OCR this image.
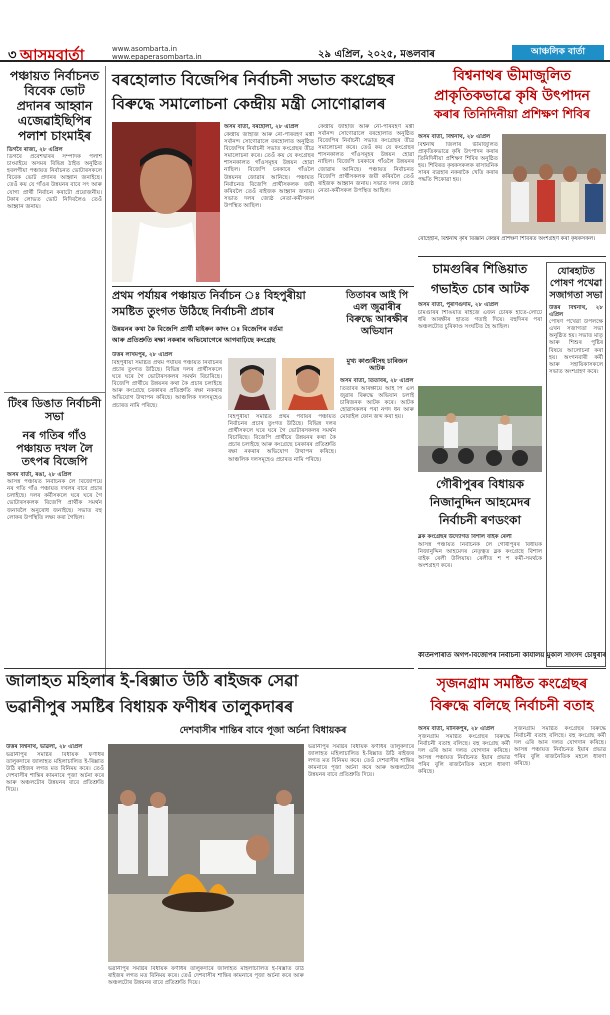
৩ আসমবার্তা	www.asombarta.in
www.epaperasombarta.in	২৯ এপ্ৰিল, ২০২৫, মঙলবাৰ	আঞ্চলিক বাৰ্তা
পঞ্চায়ত নিৰ্বাচনত বিবেক ভোট প্ৰদানৰ আহ্বান এজেৱাইছিপিৰ পলাশ চাংমাইৰ
ডিগবৈ ৰাজ্য, ২৮ এপ্ৰিল
ডিগবৈ প্ৰবেশদ্বাৰৰ সম্পাদক পলাশ চাংমাইয়ে অসমৰ বিভিন্ন ঠাইত অনুষ্ঠিত হবলগীয়া পঞ্চায়ত নিৰ্বাচনত ভোটাৰসকলে বিবেক ভোট প্ৰদানৰ আহ্বান জনাইছে। তেওঁ কয় যে গাঁওৰ উন্নয়নৰ বাবে সৎ আৰু যোগ্য প্ৰাৰ্থী নিৰ্বাচন কৰাটো প্ৰয়োজনীয়। টকাৰ লোভত ভোট নিদিবলৈও তেওঁ আহ্বান জনায়।
টিংৰ ডিঙাত নিৰ্বাচনী সভা
নৰ গতিৰ গাঁও পঞ্চায়ত দখল লৈ তৎপৰ বিজেপি
অসম বাৰ্তা, ৰঙা, ২৮ এপ্ৰিল
আসন্ন পঞ্চায়ত নিৰ্বাচনক লৈ বিজেপিয়ে নৰ গতি গাঁও পঞ্চায়ত দখলৰ বাবে প্ৰচাৰ চলাইছে। দলৰ কৰ্মীসকলে ঘৰে ঘৰে গৈ ভোটাৰসকলক বিজেপি প্ৰাৰ্থীক সমৰ্থন জনাবলৈ অনুৰোধ জনাইছে। সভাত বহু লোকৰ উপস্থিতি লক্ষ্য কৰা গৈছিল।
বৰহোলাত বিজেপিৰ নিৰ্বাচনী সভাত কংগ্ৰেছৰ
বিৰুদ্ধে সমালোচনা কেন্দ্ৰীয় মন্ত্ৰী সোণোৱালৰ
অসম বাৰ্তা, বৰহোলা, ২৮ এপ্ৰিল
কেন্দ্ৰীয় জাহাজ আৰু নৌ-পৰিবহণ মন্ত্ৰী সৰ্বানন্দ সোণোৱালে বৰহোলাত অনুষ্ঠিত বিজেপিৰ নিৰ্বাচনী সভাত কংগ্ৰেছৰ তীব্ৰ সমালোচনা কৰে। তেওঁ কয় যে কংগ্ৰেছৰ শাসনকালত গাঁওসমূহৰ উন্নয়ন হোৱা নাছিল। বিজেপি চৰকাৰে গাঁওলৈ উন্নয়নৰ জোৱাৰ আনিছে। পঞ্চায়ত নিৰ্বাচনত বিজেপি প্ৰাৰ্থীসকলক জয়ী কৰিবলৈ তেওঁ ৰাইজক আহ্বান জনায়। সভাত দলৰ জ্যেষ্ঠ নেতা-কৰ্মীসকল উপস্থিত আছিল।
কেন্দ্ৰীয় জাহাজ আৰু নৌ-পৰিবহণ মন্ত্ৰী সৰ্বানন্দ সোণোৱালে বৰহোলাত অনুষ্ঠিত বিজেপিৰ নিৰ্বাচনী সভাত কংগ্ৰেছৰ তীব্ৰ সমালোচনা কৰে। তেওঁ কয় যে কংগ্ৰেছৰ শাসনকালত গাঁওসমূহৰ উন্নয়ন হোৱা নাছিল। বিজেপি চৰকাৰে গাঁওলৈ উন্নয়নৰ জোৱাৰ আনিছে। পঞ্চায়ত নিৰ্বাচনত বিজেপি প্ৰাৰ্থীসকলক জয়ী কৰিবলৈ তেওঁ ৰাইজক আহ্বান জনায়। সভাত দলৰ জ্যেষ্ঠ নেতা-কৰ্মীসকল উপস্থিত আছিল।
প্ৰথম পৰ্যায়ৰ পঞ্চায়ত নিৰ্বাচন ঃ বিহপুৰীয়া
সমষ্টিত তুংগত উঠিছে নিৰ্বাচনী প্ৰচাৰ
উন্নয়নৰ কথা কৈ বিজেপি প্ৰাৰ্থী মাইৰুন কাদং ঃ বিজেপিৰ বৰ্তমা
আৰু প্ৰতিশ্ৰুতি ৰক্ষা নকৰাৰ অভিযোগেৰে আগবাঢ়িছে কংগ্ৰেছ
উত্তৰ লখিমপুৰ, ২৮ এপ্ৰিল
বিহপুৰীয়া সমষ্টিত প্ৰথম পৰ্যায়ৰ পঞ্চায়ত নিৰ্বাচনৰ প্ৰচাৰ তুংগত উঠিছে। বিভিন্ন দলৰ প্ৰাৰ্থীসকলে ঘৰে ঘৰে গৈ ভোটাৰসকলৰ সমৰ্থন বিচাৰিছে। বিজেপি প্ৰাৰ্থীয়ে উন্নয়নৰ কথা কৈ প্ৰচাৰ চলাইছে আৰু কংগ্ৰেছে চৰকাৰৰ প্ৰতিশ্ৰুতি ৰক্ষা নকৰাৰ অভিযোগ উত্থাপন কৰিছে। আঞ্চলিক দলসমূহেও প্ৰচাৰত নামি পৰিছে।
বিহপুৰীয়া সমষ্টিত প্ৰথম পৰ্যায়ৰ পঞ্চায়ত নিৰ্বাচনৰ প্ৰচাৰ তুংগত উঠিছে। বিভিন্ন দলৰ প্ৰাৰ্থীসকলে ঘৰে ঘৰে গৈ ভোটাৰসকলৰ সমৰ্থন বিচাৰিছে। বিজেপি প্ৰাৰ্থীয়ে উন্নয়নৰ কথা কৈ প্ৰচাৰ চলাইছে আৰু কংগ্ৰেছে চৰকাৰৰ প্ৰতিশ্ৰুতি ৰক্ষা নকৰাৰ অভিযোগ উত্থাপন কৰিছে। আঞ্চলিক দলসমূহেও প্ৰচাৰত নামি পৰিছে।
তিতাবৰ আই পি এল জুৱাৰীৰ বিৰুদ্ধে আৰক্ষীৰ অভিযান
মুখ্য কাণ্ডাৰীসহ চাৰিজন আটক
অসম বাৰ্তা, তিতাবৰ, ২৮ এপ্ৰিল
তিতাবৰ আৰক্ষীয়ে আই পি এল জুৱাৰ বিৰুদ্ধে অভিযান চলাই চাৰিজনক আটক কৰে। আটক হোৱাসকলৰ পৰা নগদ ধন আৰু মোবাইল ফোন জব্দ কৰা হয়।
বিশ্বনাথৰ ভীমাজুলিত
প্ৰাকৃতিকভাৱে কৃষি উৎপাদন
কৰাৰ তিনিদিনীয়া প্ৰশিক্ষণ শিবিৰ
অসম বাৰ্তা, বিশ্বনাথ, ২৮ এপ্ৰিল
বিশ্বনাথ জিলাৰ ভীমাজুলিত প্ৰাকৃতিকভাৱে কৃষি উৎপাদন কৰাৰ তিনিদিনীয়া প্ৰশিক্ষণ শিবিৰ অনুষ্ঠিত হয়। শিবিৰত কৃষকসকলক ৰাসায়নিক সাৰৰ ব্যৱহাৰ নকৰাকৈ খেতি কৰাৰ পদ্ধতি শিকোৱা হয়।
ৰোহেইনি, বিশ্বনাথ কৃষি বিজ্ঞান কেন্দ্ৰৰ প্ৰশিক্ষণ শিবিৰত অংশগ্ৰহণ কৰা কৃষকসকল।
চামগুৰিৰ শিঙিয়াত
গভাইত চোৰ আটক
অসম বাৰ্তা, পুৰণিগুদাম, ২৮ এপ্ৰিল
চামগুৰিৰ শিঙিয়াত ৰাইজে এজন চোৰক হাতে-লোটে ধৰি আৰক্ষীৰ হাতত গতাই দিয়ে। বহুদিনৰ পৰা অঞ্চলটোত চুৰিকাণ্ড সংঘটিত হৈ আছিল।
যোৰহাটত পোষণ পখেৱা সজাগতা সভা
উত্তৰ বিশ্বনাথ, ২৮ এপ্ৰিল
পোষণ পখেৱা উপলক্ষে এখন সজাগতা সভা অনুষ্ঠিত হয়। সভাত মাতৃ আৰু শিশুৰ পুষ্টিৰ বিষয়ে আলোচনা কৰা হয়। অংগনবাৰী কৰ্মী আৰু সহায়িকাসকলে সভাত অংশগ্ৰহণ কৰে।
গৌৰীপুৰৰ বিধায়ক
নিজানুদ্দিন আহমেদৰ
নিৰ্বাচনী ৰণডংকা
ব্লক কংগ্ৰেছৰ উদ্যোগত বিশাল বাইক ৰেলী
আসন্ন পঞ্চায়ত নিৰ্বাচনক লৈ গৌৰীপুৰৰ বিধায়ক নিজানুদ্দিন আহমেদৰ নেতৃত্বত ব্লক কংগ্ৰেছে বিশাল বাইক ৰেলী উলিয়ায়। ৰেলীত শ শ কৰ্মী-সমৰ্থকে অংশগ্ৰহণ কৰে।
কীৰ্তনপাৰাত অগপ-বিজেপিৰ নিৰ্বাচনী কাৰ্যালয় মুকলি সাংসদ চৌধুৰীৰ
জালাহত মহিলাৰ ই-ৰিক্সাত উঠি ৰাইজক সেৱা
ভৱানীপুৰ সমষ্টিৰ বিধায়ক ফণীধৰ তালুকদাৰৰ
দেশবাসীৰ শান্তিৰ বাবে পূজা অৰ্চনা বিধায়কৰ
উত্তৰ বিশ্বনাথ, ভাৱলা, ২৮ এপ্ৰিল
ভৱানীপুৰ সমষ্টিৰ বিধায়ক ফণীধৰ তালুকদাৰে জালাহত মহিলাচালিত ই-ৰিক্সাত উঠি ৰাইজৰ লগত মত বিনিময় কৰে। তেওঁ দেশবাসীৰ শান্তিৰ কামনাৰে পূজা অৰ্চনা কৰে আৰু অঞ্চলটোৰ উন্নয়নৰ বাবে প্ৰতিশ্ৰুতি দিয়ে।
ভৱানীপুৰ সমষ্টিৰ বিধায়ক ফণীধৰ তালুকদাৰে জালাহত মহিলাচালিত ই-ৰিক্সাত উঠি ৰাইজৰ লগত মত বিনিময় কৰে। তেওঁ দেশবাসীৰ শান্তিৰ কামনাৰে পূজা অৰ্চনা কৰে আৰু অঞ্চলটোৰ উন্নয়নৰ বাবে প্ৰতিশ্ৰুতি দিয়ে।
ভৱানীপুৰ সমষ্টিৰ বিধায়ক ফণীধৰ তালুকদাৰে জালাহত মহিলাচালিত ই-ৰিক্সাত উঠি ৰাইজৰ লগত মত বিনিময় কৰে। তেওঁ দেশবাসীৰ শান্তিৰ কামনাৰে পূজা অৰ্চনা কৰে আৰু অঞ্চলটোৰ উন্নয়নৰ বাবে প্ৰতিশ্ৰুতি দিয়ে।
সৃজনগ্ৰাম সমষ্টিত কংগ্ৰেছৰ
বিৰুদ্ধে বলিছে নিৰ্বাচনী বতাহ
অসম বাৰ্তা, মানিকপুৰ, ২৮ এপ্ৰিল
সৃজনগ্ৰাম সমষ্টিত কংগ্ৰেছৰ বিৰুদ্ধে নিৰ্বাচনী বতাহ বলিছে। বহু কংগ্ৰেছ কৰ্মী দল এৰি আন দলত যোগদান কৰিছে। আসন্ন পঞ্চায়ত নিৰ্বাচনত ইয়াৰ প্ৰভাৱ পৰিব বুলি ৰাজনৈতিক মহলে ধাৰণা কৰিছে।
সৃজনগ্ৰাম সমষ্টিত কংগ্ৰেছৰ বিৰুদ্ধে নিৰ্বাচনী বতাহ বলিছে। বহু কংগ্ৰেছ কৰ্মী দল এৰি আন দলত যোগদান কৰিছে। আসন্ন পঞ্চায়ত নিৰ্বাচনত ইয়াৰ প্ৰভাৱ পৰিব বুলি ৰাজনৈতিক মহলে ধাৰণা কৰিছে।
